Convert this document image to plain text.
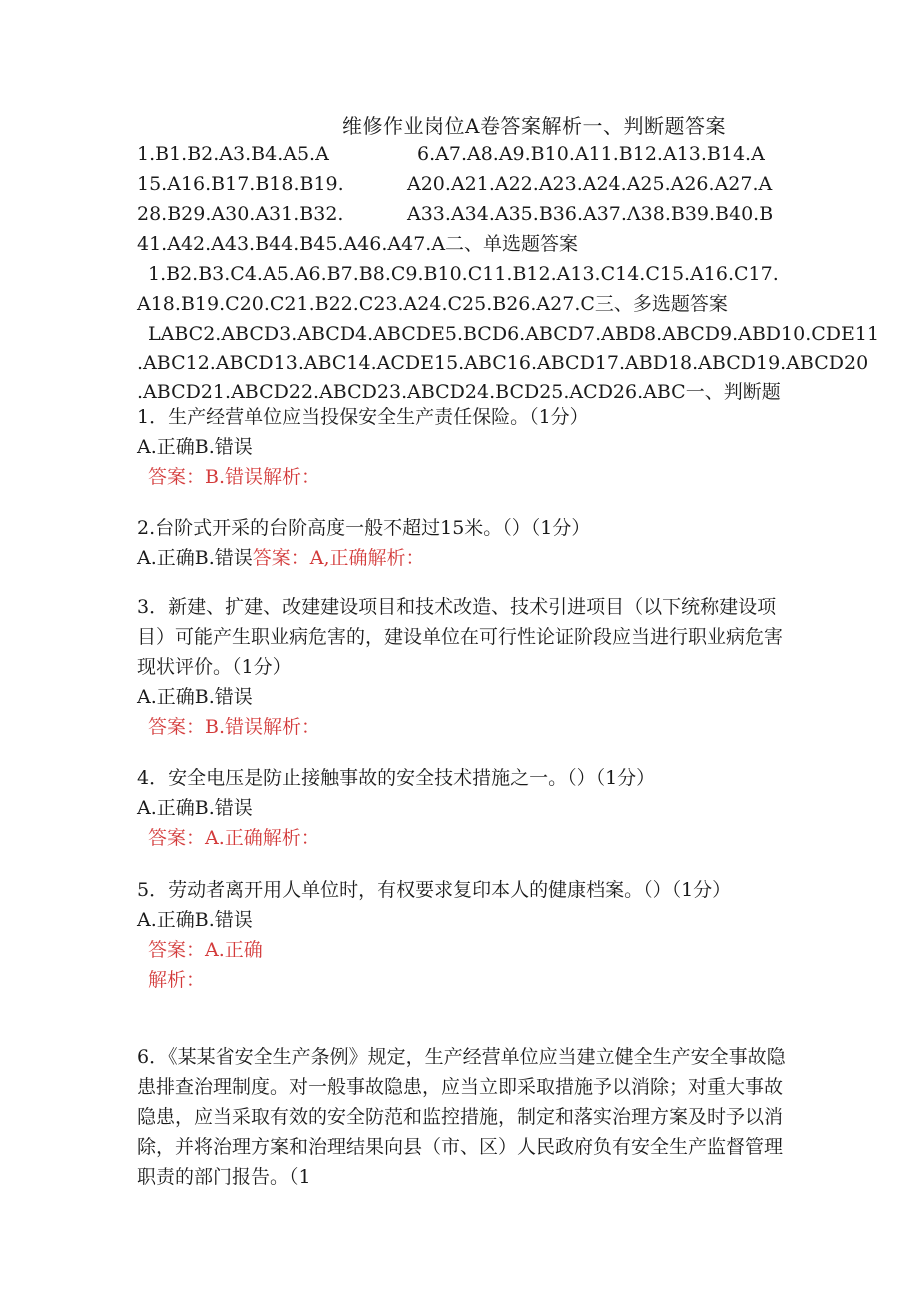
维修作业岗位A卷答案解析一、判断题答案
1.B1.B2.A3.B4.A5.A	6.A7.A8.A9.B10.A11.B12.A13.B14.A
15.A16.B17.B18.B19.	A20.A21.A22.A23.A24.A25.A26.A27.A
28.B29.A30.A31.B32.	A33.A34.A35.B36.A37.Λ38.B39.B40.B
41.A42.A43.B44.B45.A46.A47.A二、单选题答案
1.B2.B3.C4.A5.A6.B7.B8.C9.B10.C11.B12.A13.C14.C15.A16.C17.
A18.B19.C20.C21.B22.C23.A24.C25.B26.A27.C三、多选题答案
LABC2.ABCD3.ABCD4.ABCDE5.BCD6.ABCD7.ABD8.ABCD9.ABD10.CDE11
.ABC12.ABCD13.ABC14.ACDE15.ABC16.ABCD17.ABD18.ABCD19.ABCD20
.ABCD21.ABCD22.ABCD23.ABCD24.BCD25.ACD26.ABC一、判断题
1．生产经营单位应当投保安全生产责任保险。（1分）
A.正确B.错误
答案：B.错误解析：
2.台阶式开采的台阶高度一般不超过15米。（）（1分）
A.正确B.错误答案：A,正确解析：
3．新建、扩建、改建建设项目和技术改造、技术引进项目（以下统称建设项目）可能产生职业病危害的，建设单位在可行性论证阶段应当进行职业病危害现状评价。（1分）
A.正确B.错误
答案：B.错误解析：
4．安全电压是防止接触事故的安全技术措施之一。（）（1分）
A.正确B.错误
答案：A.正确解析：
5．劳动者离开用人单位时，有权要求复印本人的健康档案。（）（1分）
A.正确B.错误
答案：A.正确
解析：
6．《某某省安全生产条例》规定，生产经营单位应当建立健全生产安全事故隐患排查治理制度。对一般事故隐患，应当立即采取措施予以消除；对重大事故隐患，应当采取有效的安全防范和监控措施，制定和落实治理方案及时予以消除，并将治理方案和治理结果向县（市、区）人民政府负有安全生产监督管理职责的部门报告。（1
